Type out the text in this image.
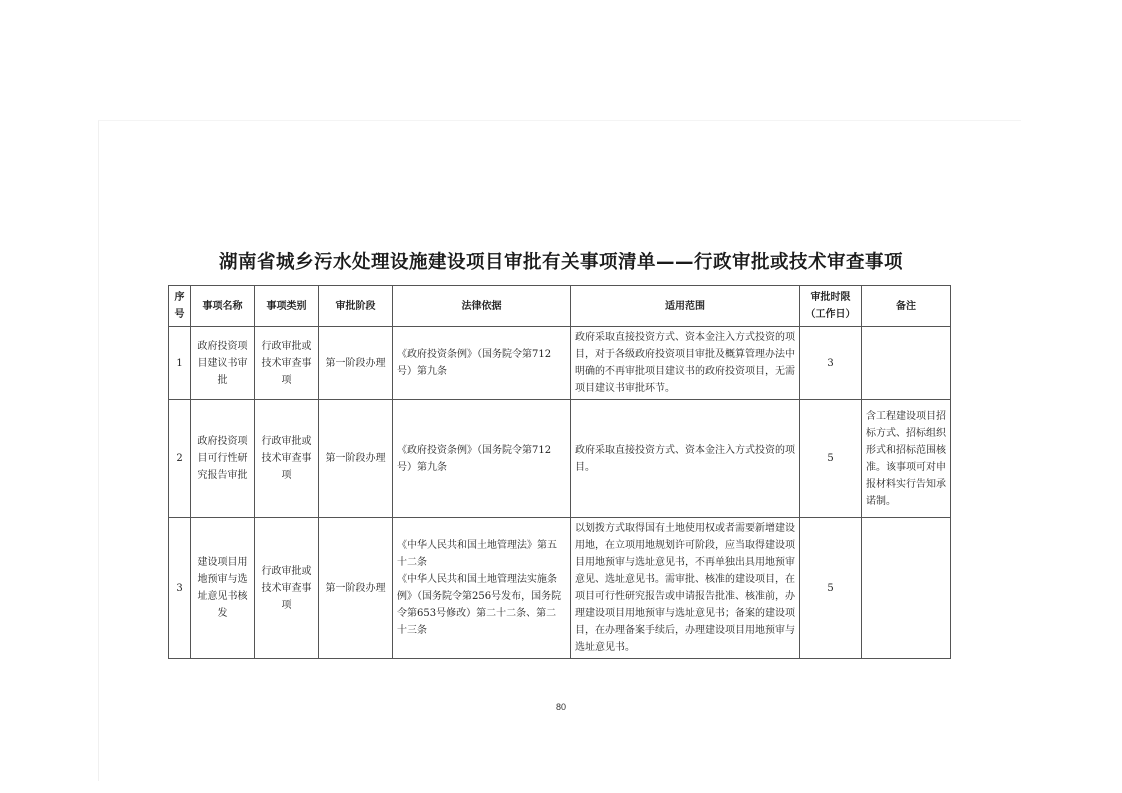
湖南省城乡污水处理设施建设项目审批有关事项清单——行政审批或技术审查事项
序号	事项名称	事项类别	审批阶段	法律依据	适用范围	审批时限（工作日）	备注
1	政府投资项目建议书审批	行政审批或技术审查事项	第一阶段办理	《政府投资条例》（国务院令第712号）第九条	政府采取直接投资方式、资本金注入方式投资的项目，对于各级政府投资项目审批及概算管理办法中明确的不再审批项目建议书的政府投资项目，无需项目建议书审批环节。	3	
2	政府投资项目可行性研究报告审批	行政审批或技术审查事项	第一阶段办理	《政府投资条例》（国务院令第712号）第九条	政府采取直接投资方式、资本金注入方式投资的项目。	5	含工程建设项目招标方式、招标组织形式和招标范围核准。该事项可对申报材料实行告知承诺制。
3	建设项目用地预审与选址意见书核发	行政审批或技术审查事项	第一阶段办理	《中华人民共和国土地管理法》第五十二条
《中华人民共和国土地管理法实施条例》（国务院令第256号发布，国务院令第653号修改）第二十二条、第二十三条	以划拨方式取得国有土地使用权或者需要新增建设用地，在立项用地规划许可阶段，应当取得建设项目用地预审与选址意见书，不再单独出具用地预审意见、选址意见书。需审批、核准的建设项目，在项目可行性研究报告或申请报告批准、核准前，办理建设项目用地预审与选址意见书；备案的建设项目，在办理备案手续后，办理建设项目用地预审与选址意见书。	5	
80
